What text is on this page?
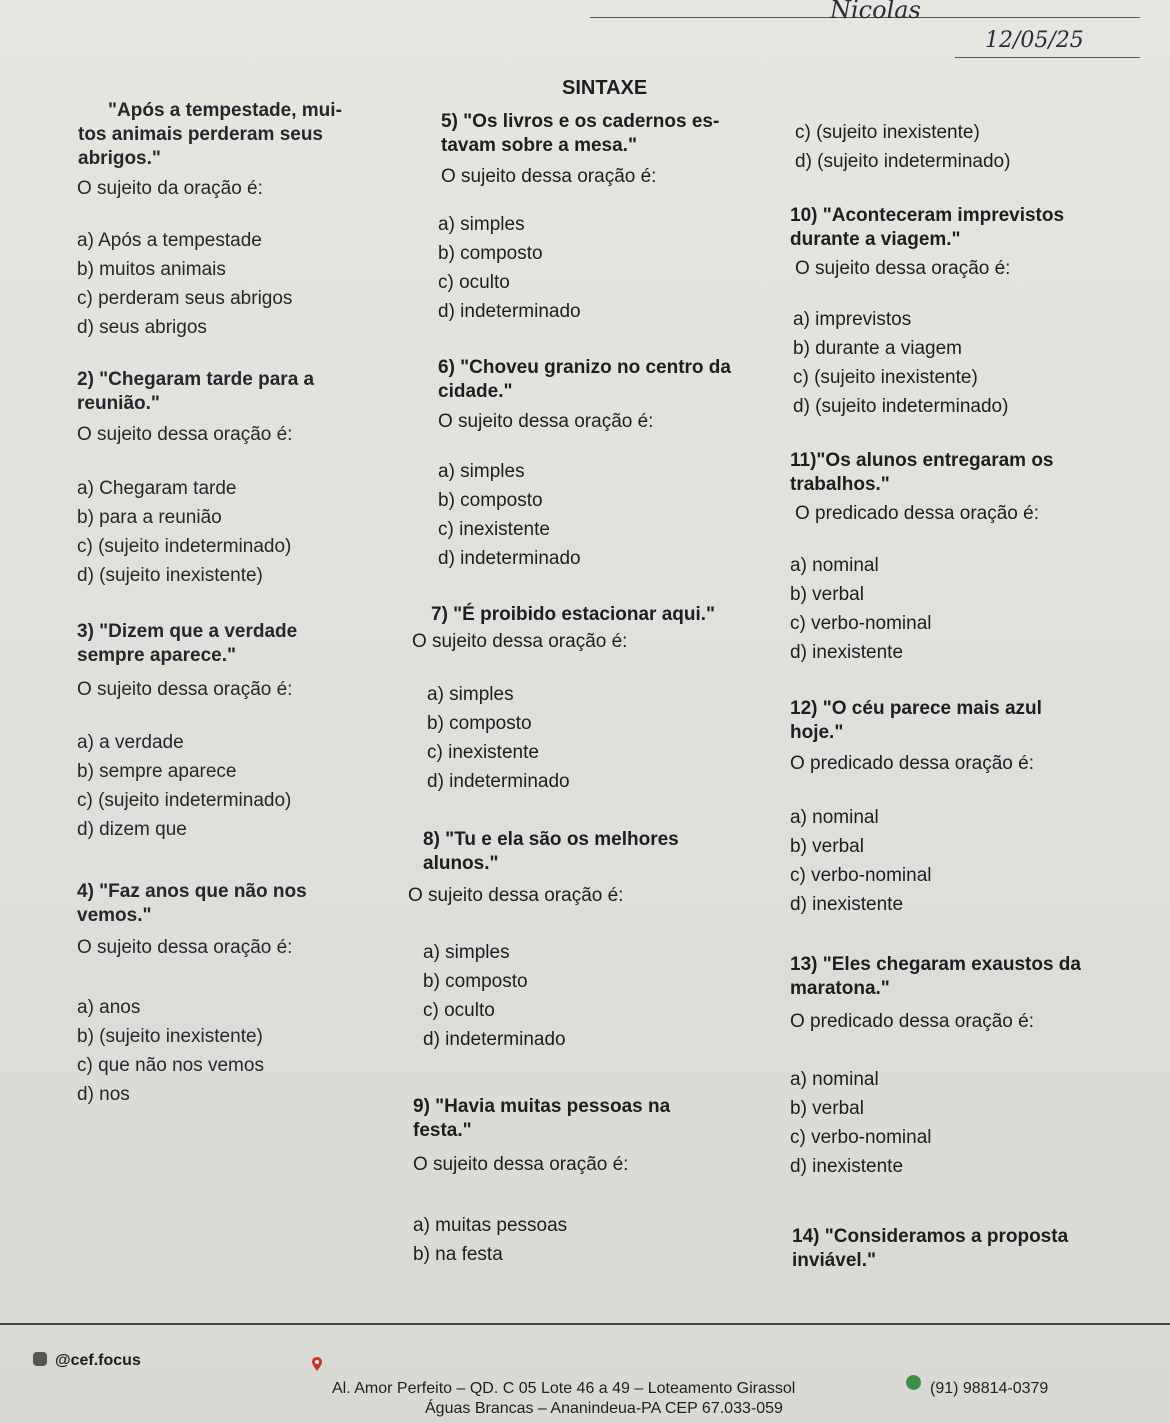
Nicolas
12/05/25
SINTAXE
"Após a tempestade, mui-
tos animais perderam seus
abrigos."
O sujeito da oração é:
a) Após a tempestade
b) muitos animais
c) perderam seus abrigos
d) seus abrigos
2) "Chegaram tarde para a
reunião."
O sujeito dessa oração é:
a) Chegaram tarde
b) para a reunião
c) (sujeito indeterminado)
d) (sujeito inexistente)
3) "Dizem que a verdade
sempre aparece."
O sujeito dessa oração é:
a) a verdade
b) sempre aparece
c) (sujeito indeterminado)
d) dizem que
4) "Faz anos que não nos
vemos."
O sujeito dessa oração é:
a) anos
b) (sujeito inexistente)
c) que não nos vemos
d) nos
5) "Os livros e os cadernos es-
tavam sobre a mesa."
O sujeito dessa oração é:
a) simples
b) composto
c) oculto
d) indeterminado
6) "Choveu granizo no centro da
cidade."
O sujeito dessa oração é:
a) simples
b) composto
c) inexistente
d) indeterminado
7) "É proibido estacionar aqui."
O sujeito dessa oração é:
a) simples
b) composto
c) inexistente
d) indeterminado
8) "Tu e ela são os melhores
alunos."
O sujeito dessa oração é:
a) simples
b) composto
c) oculto
d) indeterminado
9) "Havia muitas pessoas na
festa."
O sujeito dessa oração é:
a) muitas pessoas
b) na festa
c) (sujeito inexistente)
d) (sujeito indeterminado)
10) "Aconteceram imprevistos
durante a viagem."
O sujeito dessa oração é:
a) imprevistos
b) durante a viagem
c) (sujeito inexistente)
d) (sujeito indeterminado)
11)"Os alunos entregaram os
trabalhos."
O predicado dessa oração é:
a) nominal
b) verbal
c) verbo-nominal
d) inexistente
12) "O céu parece mais azul
hoje."
O predicado dessa oração é:
a) nominal
b) verbal
c) verbo-nominal
d) inexistente
13) "Eles chegaram exaustos da
maratona."
O predicado dessa oração é:
a) nominal
b) verbal
c) verbo-nominal
d) inexistente
14) "Consideramos a proposta
inviável."
@cef.focus
Al. Amor Perfeito – QD. C 05 Lote 46 a 49 – Loteamento Girassol
Águas Brancas – Ananindeua-PA CEP 67.033-059
(91) 98814-0379
